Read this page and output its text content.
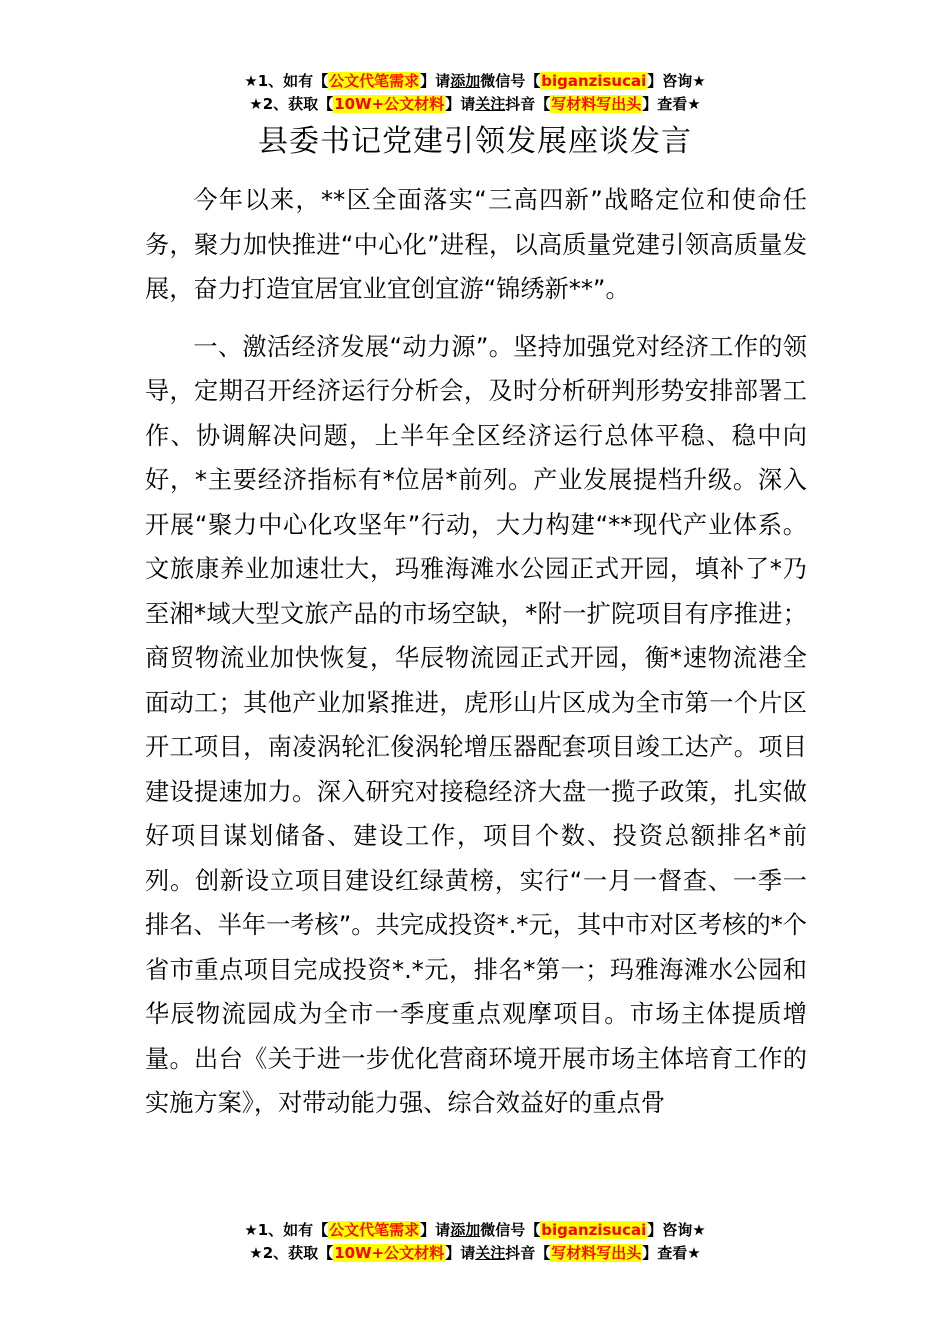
★1、如有【公文代笔需求】请添加微信号【biganzisucai】咨询★
★2、获取【10W+公文材料】请关注抖音【写材料写出头】查看★
县委书记党建引领发展座谈发言

今年以来，**区全面落实“三高四新”战略定位和使命任务，聚力加快推进“中心化”进程，以高质量党建引领高质量发展，奋力打造宜居宜业宜创宜游“锦绣新**”。

一、激活经济发展“动力源”。坚持加强党对经济工作的领导，定期召开经济运行分析会，及时分析研判形势安排部署工作、协调解决问题，上半年全区经济运行总体平稳、稳中向好，*主要经济指标有*位居*前列。产业发展提档升级。深入开展“聚力中心化攻坚年”行动，大力构建“**现代产业体系。文旅康养业加速壮大，玛雅海滩水公园正式开园，填补了*乃至湘*域大型文旅产品的市场空缺，*附一扩院项目有序推进；商贸物流业加快恢复，华辰物流园正式开园，衡*速物流港全面动工；其他产业加紧推进，虎形山片区成为全市第一个片区开工项目，南凌涡轮汇俊涡轮增压器配套项目竣工达产。项目建设提速加力。深入研究对接稳经济大盘一揽子政策，扎实做好项目谋划储备、建设工作，项目个数、投资总额排名*前列。创新设立项目建设红绿黄榜，实行“一月一督查、一季一排名、半年一考核”。共完成投资*.*元，其中市对区考核的*个省市重点项目完成投资*.*元，排名*第一；玛雅海滩水公园和华辰物流园成为全市一季度重点观摩项目。市场主体提质增量。出台《关于进一步优化营商环境开展市场主体培育工作的实施方案》，对带动能力强、综合效益好的重点骨

★1、如有【公文代笔需求】请添加微信号【biganzisucai】咨询★
★2、获取【10W+公文材料】请关注抖音【写材料写出头】查看★
